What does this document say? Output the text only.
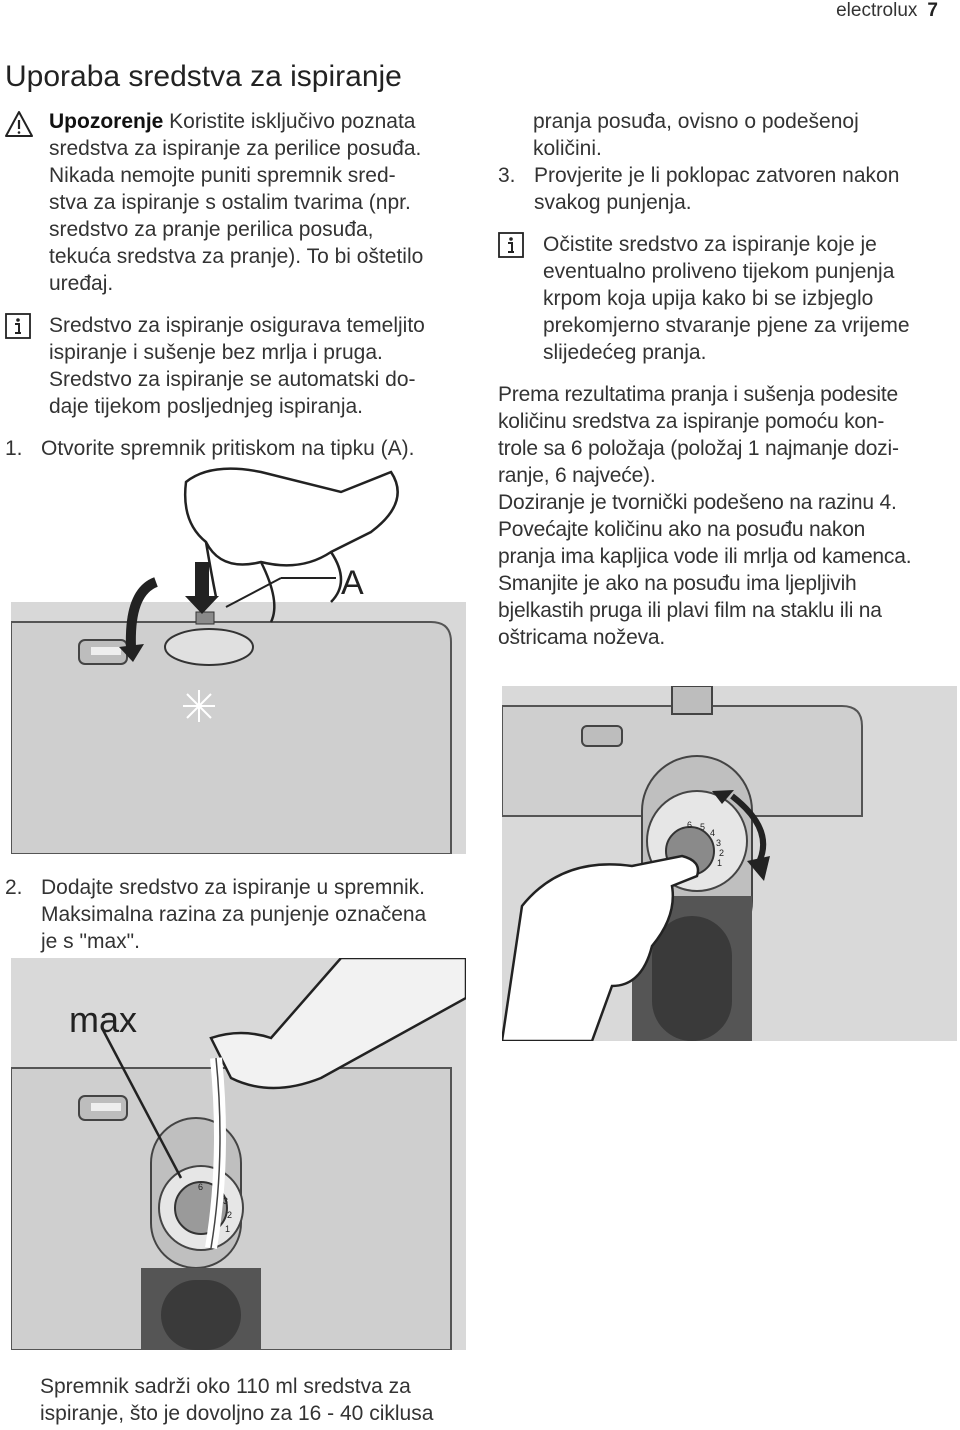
electrolux 7
Uporaba sredstva za ispiranje

Upozorenje Koristite isključivo poznata

sredstva za ispiranje za perilice posuđa.

Nikada nemojte puniti spremnik sred-

stva za ispiranje s ostalim tvarima (npr.

sredstvo za pranje perilica posuđa,

tekuća sredstva za pranje). To bi oštetilo

uređaj.

Sredstvo za ispiranje osigurava temeljito

ispiranje i sušenje bez mrlja i pruga.

Sredstvo za ispiranje se automatski do-

daje tijekom posljednjeg ispiranja.

1. Otvorite spremnik pritiskom na tipku (A).
A
2. Dodajte sredstvo za ispiranje u spremnik.
Maksimalna razina za punjenje označena
je s "max".
6
3
2
1
max

Spremnik sadrži oko 110 ml sredstva za

ispiranje, što je dovoljno za 16 - 40 ciklusa

pranja posuđa, ovisno o podešenoj

količini.

3. Provjerite je li poklopac zatvoren nakon
svakog punjenja.

Očistite sredstvo za ispiranje koje je

eventualno proliveno tijekom punjenja

krpom koja upija kako bi se izbjeglo

prekomjerno stvaranje pjene za vrijeme

slijedećeg pranja.

Prema rezultatima pranja i sušenja podesite

količinu sredstva za ispiranje pomoću kon-

trole sa 6 položaja (položaj 1 najmanje dozi-

ranje, 6 najveće).

Doziranje je tvornički podešeno na razinu 4.

Povećajte količinu ako na posuđu nakon

pranja ima kapljica vode ili mrlja od kamenca.

Smanjite je ako na posuđu ima ljepljivih

bjelkastih pruga ili plavi film na staklu ili na

oštricama noževa.

6 5
4
3
2
1
